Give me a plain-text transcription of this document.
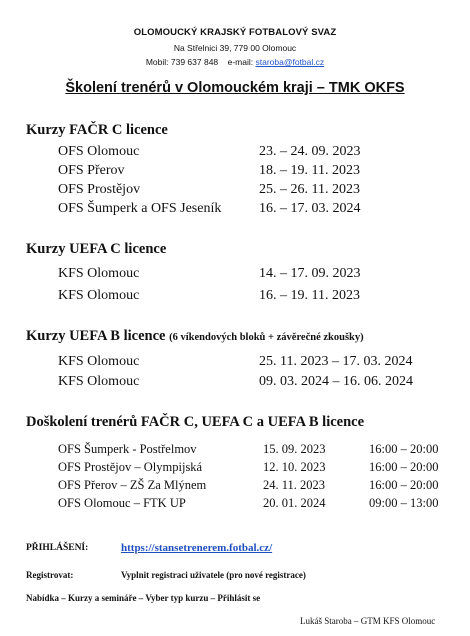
OLOMOUCKÝ KRAJSKÝ FOTBALOVÝ SVAZ
Na Střelnici 39, 779 00 Olomouc
Mobil: 739 637 848 e-mail: staroba@fotbal.cz
Školení trenérů v Olomouckém kraji – TMK OKFS
Kurzy FAČR C licence
OFS Olomouc	23. – 24. 09. 2023
OFS Přerov	18. – 19. 11. 2023
OFS Prostějov	25. – 26. 11. 2023
OFS Šumperk a OFS Jeseník	16. – 17. 03. 2024
Kurzy UEFA C licence
KFS Olomouc	14. – 17. 09. 2023
KFS Olomouc	16. – 19. 11. 2023
Kurzy UEFA B licence (6 víkendových bloků + závěrečné zkoušky)
KFS Olomouc	25. 11. 2023 – 17. 03. 2024
KFS Olomouc	09. 03. 2024 – 16. 06. 2024
Doškolení trenérů FAČR C, UEFA C a UEFA B licence
OFS Šumperk - Postřelmov	15. 09. 2023	16:00 – 20:00
OFS Prostějov – Olympijská	12. 10. 2023	16:00 – 20:00
OFS Přerov – ZŠ Za Mlýnem	24. 11. 2023	16:00 – 20:00
OFS Olomouc – FTK UP	20. 01. 2024	09:00 – 13:00
PŘIHLÁŠENÍ:	https://stansetrenerem.fotbal.cz/
Registrovat:	Vyplnit registraci uživatele (pro nové registrace)
Nabídka – Kurzy a semináře – Vyber typ kurzu – Přihlásit se
Lukáš Staroba – GTM KFS Olomouc
